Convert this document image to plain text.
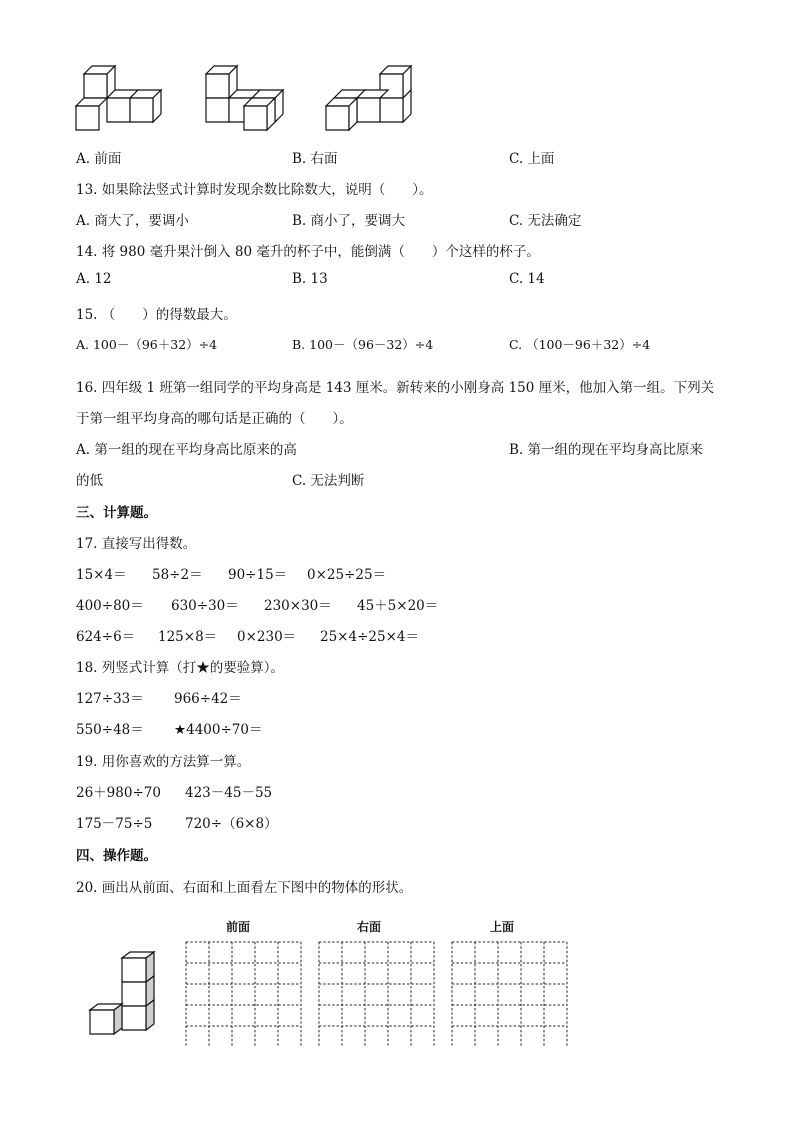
A. 前面	B. 右面	C. 上面
13. 如果除法竖式计算时发现余数比除数大，说明（　　）。
A. 商大了，要调小	B. 商小了，要调大	C. 无法确定
14. 将 980 毫升果汁倒入 80 毫升的杯子中，能倒满（　　）个这样的杯子。
A. 12	B. 13	C. 14
15. （　　）的得数最大。
A. 100－（96＋32）÷4	B. 100－（96－32）÷4	C. （100－96＋32）÷4
16. 四年级 1 班第一组同学的平均身高是 143 厘米。新转来的小刚身高 150 厘米，他加入第一组。下列关
于第一组平均身高的哪句话是正确的（　　）。
A. 第一组的现在平均身高比原来的高	B. 第一组的现在平均身高比原来
的低	C. 无法判断
三、计算题。
17. 直接写出得数。
15×4＝ 58÷2＝ 90÷15＝ 0×25÷25＝
400÷80＝ 630÷30＝ 230×30＝ 45＋5×20＝
624÷6＝ 125×8＝ 0×230＝ 25×4÷25×4＝
18. 列竖式计算（打★的要验算）。
127÷33＝ 966÷42＝
550÷48＝ ★4400÷70＝
19. 用你喜欢的方法算一算。
26＋980÷70 423－45－55
175－75÷5 720÷（6×8）
四、操作题。
20. 画出从前面、右面和上面看左下图中的物体的形状。
前面	右面	上面
